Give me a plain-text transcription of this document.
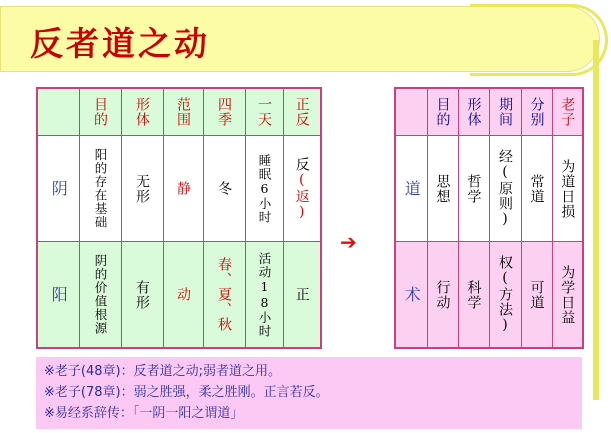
反者道之动
	目的	形体	范围	四季	一天	正反
阴	阳的存在基础	无形	静	冬	睡眠6小时	反(返)
阳	阴的价值根源	有形	动	春、夏、秋	活动18小时	正
➔
	目的	形体	期间	分别	老子
道	思想	哲学	经(原则)	常道	为道日损
术	行动	科学	权(方法)	可道	为学日益
※老子(48章)：反者道之动;弱者道之用。
※老子(78章)：弱之胜强，柔之胜刚。正言若反。
※易经系辞传：「一阴一阳之谓道」
